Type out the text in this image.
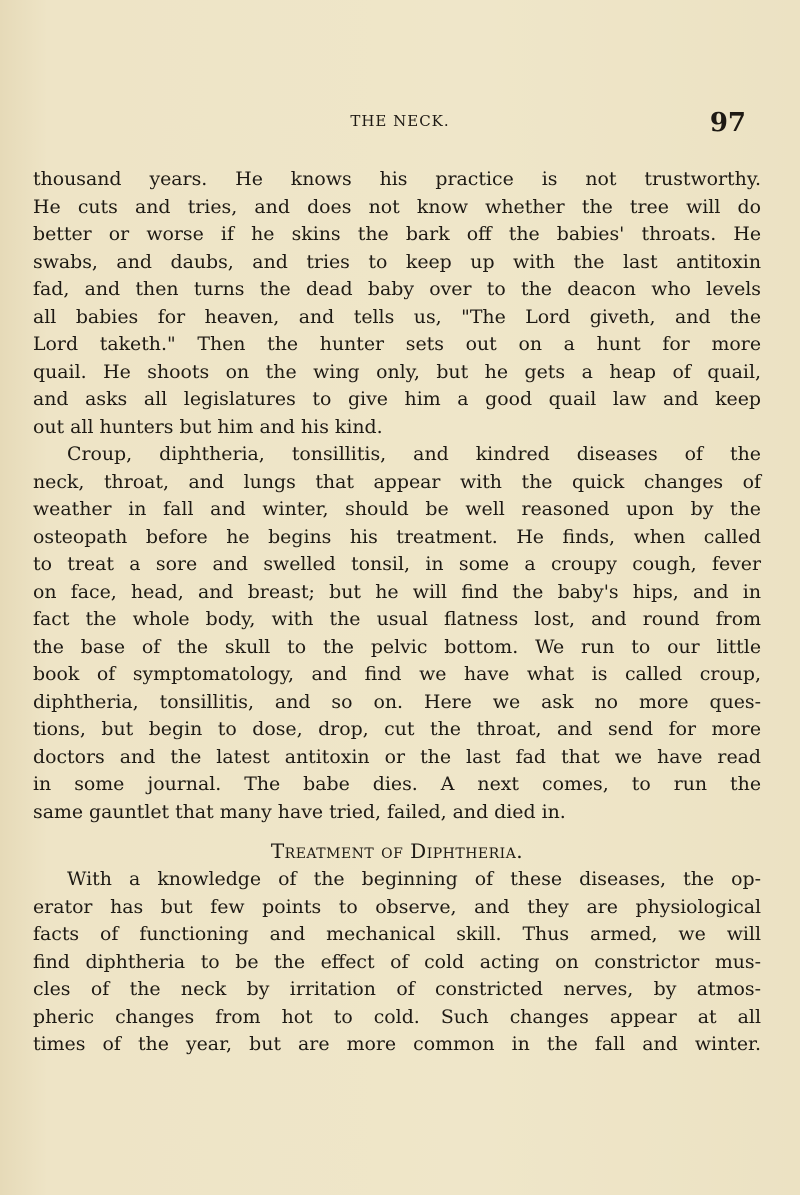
THE NECK.	97
thousand years. He knows his practice is not trustworthy.
He cuts and tries, and does not know whether the tree will do
better or worse if he skins the bark off the babies' throats. He
swabs, and daubs, and tries to keep up with the last antitoxin
fad, and then turns the dead baby over to the deacon who levels
all babies for heaven, and tells us, "The Lord giveth, and the
Lord taketh." Then the hunter sets out on a hunt for more
quail. He shoots on the wing only, but he gets a heap of quail,
and asks all legislatures to give him a good quail law and keep
out all hunters but him and his kind.
Croup, diphtheria, tonsillitis, and kindred diseases of the
neck, throat, and lungs that appear with the quick changes of
weather in fall and winter, should be well reasoned upon by the
osteopath before he begins his treatment. He finds, when called
to treat a sore and swelled tonsil, in some a croupy cough, fever
on face, head, and breast; but he will find the baby's hips, and in
fact the whole body, with the usual flatness lost, and round from
the base of the skull to the pelvic bottom. We run to our little
book of symptomatology, and find we have what is called croup,
diphtheria, tonsillitis, and so on. Here we ask no more ques-
tions, but begin to dose, drop, cut the throat, and send for more
doctors and the latest antitoxin or the last fad that we have read
in some journal. The babe dies. A next comes, to run the
same gauntlet that many have tried, failed, and died in.
Treatment of Diphtheria.
With a knowledge of the beginning of these diseases, the op-
erator has but few points to observe, and they are physiological
facts of functioning and mechanical skill. Thus armed, we will
find diphtheria to be the effect of cold acting on constrictor mus-
cles of the neck by irritation of constricted nerves, by atmos-
pheric changes from hot to cold. Such changes appear at all
times of the year, but are more common in the fall and winter.
